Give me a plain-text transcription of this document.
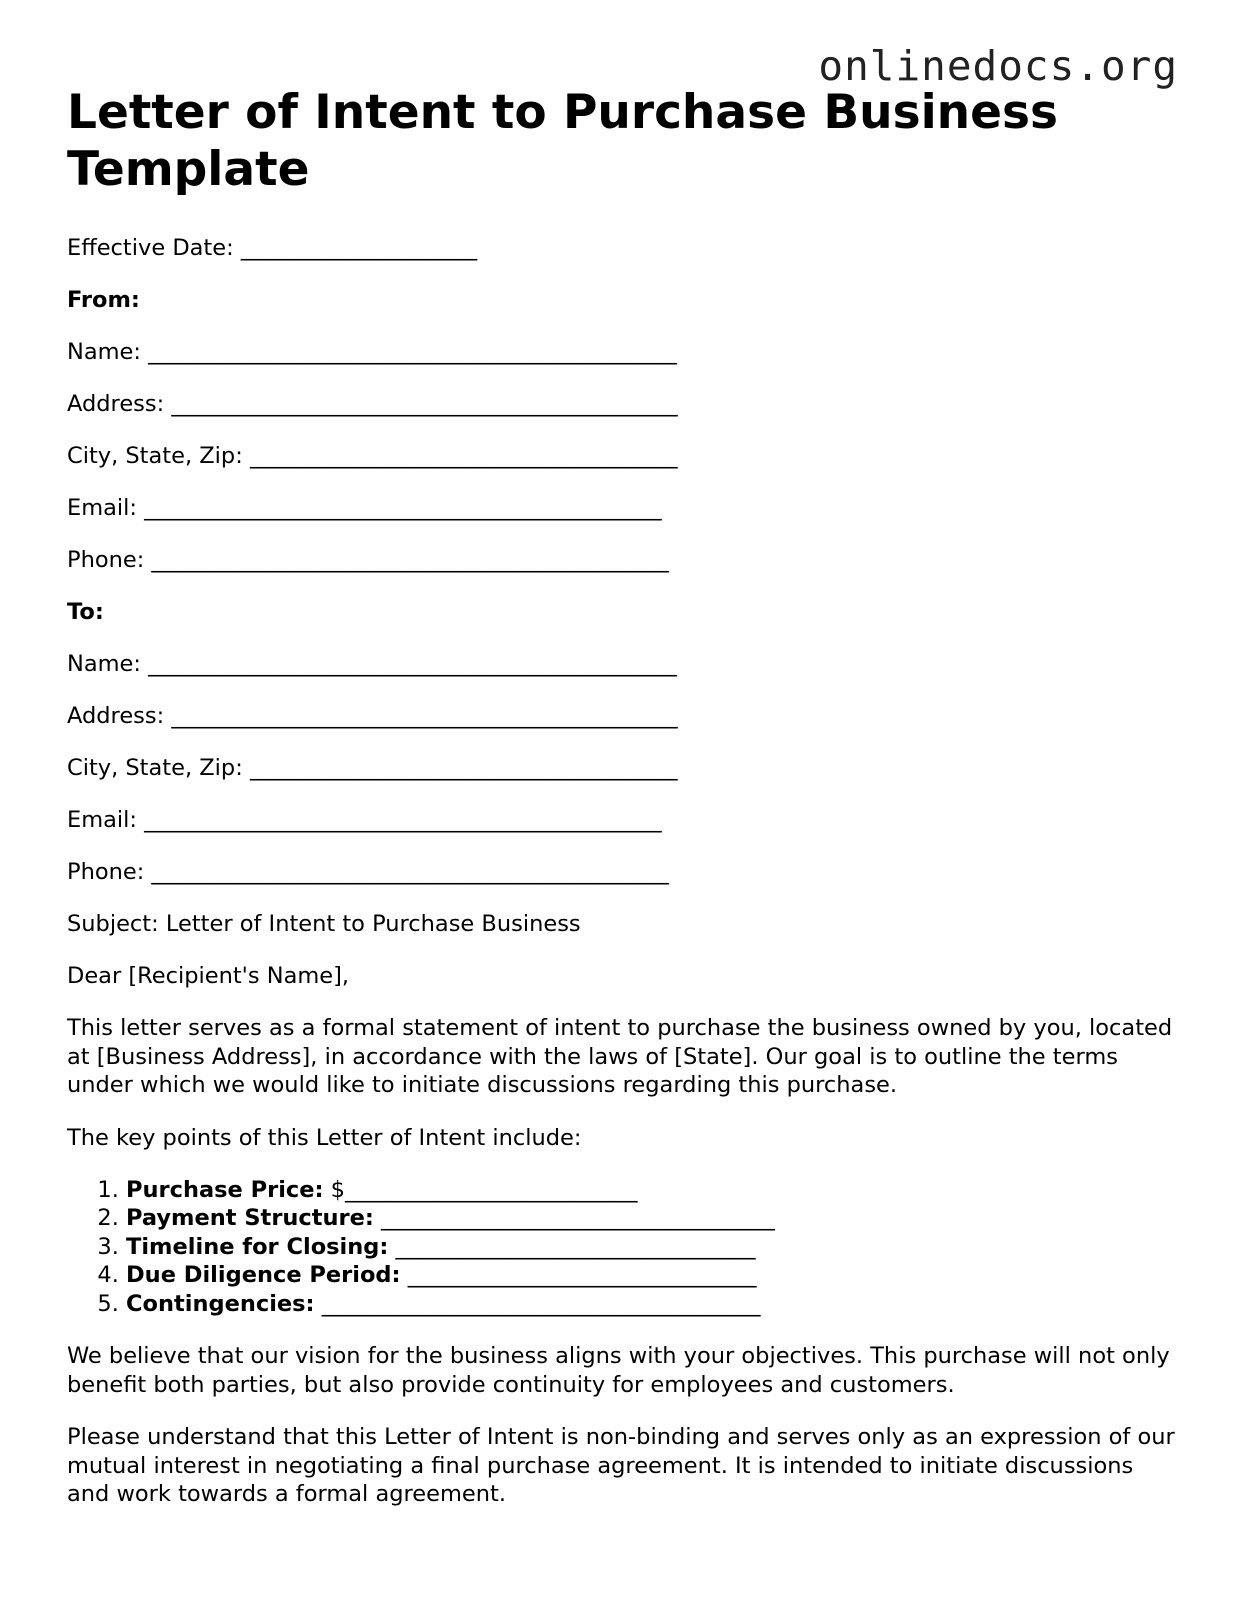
onlinedocs.org
Letter of Intent to Purchase Business Template
Effective Date: _____________________
From:
Name: _______________________________________________
Address: _____________________________________________
City, State, Zip: ______________________________________
Email: ______________________________________________
Phone: ______________________________________________
To:
Name: _______________________________________________
Address: _____________________________________________
City, State, Zip: ______________________________________
Email: ______________________________________________
Phone: ______________________________________________
Subject: Letter of Intent to Purchase Business
Dear [Recipient's Name],

This letter serves as a formal statement of intent to purchase the business owned by you, located at [Business Address], in accordance with the laws of [State]. Our goal is to outline the terms under which we would like to initiate discussions regarding this purchase.

The key points of this Letter of Intent include:
1. Purchase Price: $__________________________
2. Payment Structure: ___________________________________
3. Timeline for Closing: ________________________________
4. Due Diligence Period: _______________________________
5. Contingencies: _______________________________________

We believe that our vision for the business aligns with your objectives. This purchase will not only benefit both parties, but also provide continuity for employees and customers.

Please understand that this Letter of Intent is non-binding and serves only as an expression of our mutual interest in negotiating a final purchase agreement. It is intended to initiate discussions and work towards a formal agreement.
